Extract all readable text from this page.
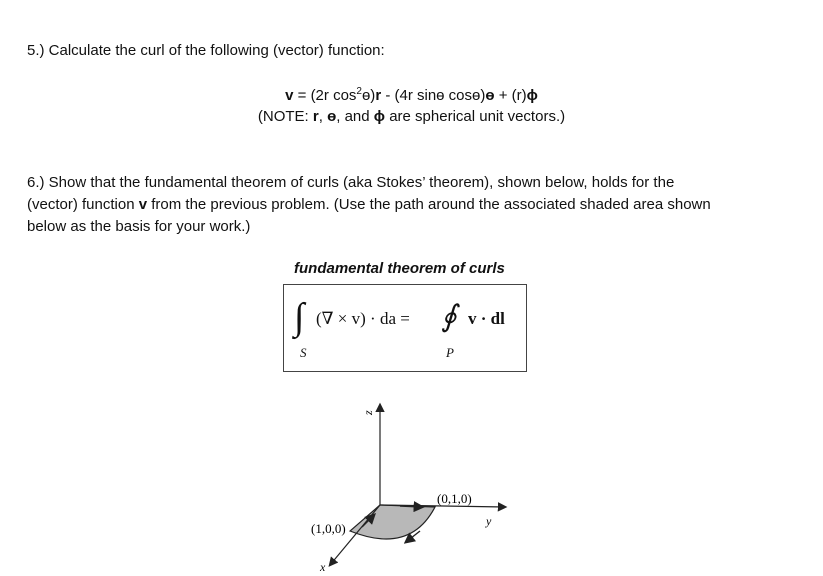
5.) Calculate the curl of the following (vector) function:
v = (2r $\cos^2ɵ)r - (4r$ sinɵ cosɵ)ɵ + (r)ϕ
(NOTE: r, ɵ, and ϕ are spherical unit vectors.)
6.) Show that the fundamental theorem of curls (aka Stokes’ theorem), shown below, holds for the
(vector) function v from the previous problem. (Use the path around the associated shaded area shown
below as the basis for your work.)
fundamental theorem of curls
∫
S
(∇ × v) · da = ∮
P
v · dl
z
y
x
(0,1,0)
(1,0,0)
